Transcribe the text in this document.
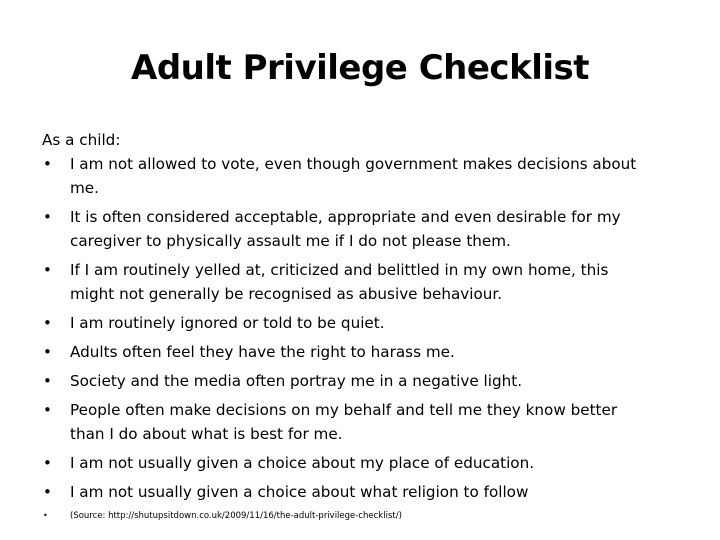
Adult Privilege Checklist
As a child:
• I am not allowed to vote, even though government makes decisions about
me.
• It is often considered acceptable, appropriate and even desirable for my
caregiver to physically assault me if I do not please them.
• If I am routinely yelled at, criticized and belittled in my own home, this
might not generally be recognised as abusive behaviour.
• I am routinely ignored or told to be quiet.
• Adults often feel they have the right to harass me.
• Society and the media often portray me in a negative light.
• People often make decisions on my behalf and tell me they know better
than I do about what is best for me.
• I am not usually given a choice about my place of education.
• I am not usually given a choice about what religion to follow
•	(Source: http://shutupsitdown.co.uk/2009/11/16/the-adult-privilege-checklist/)
